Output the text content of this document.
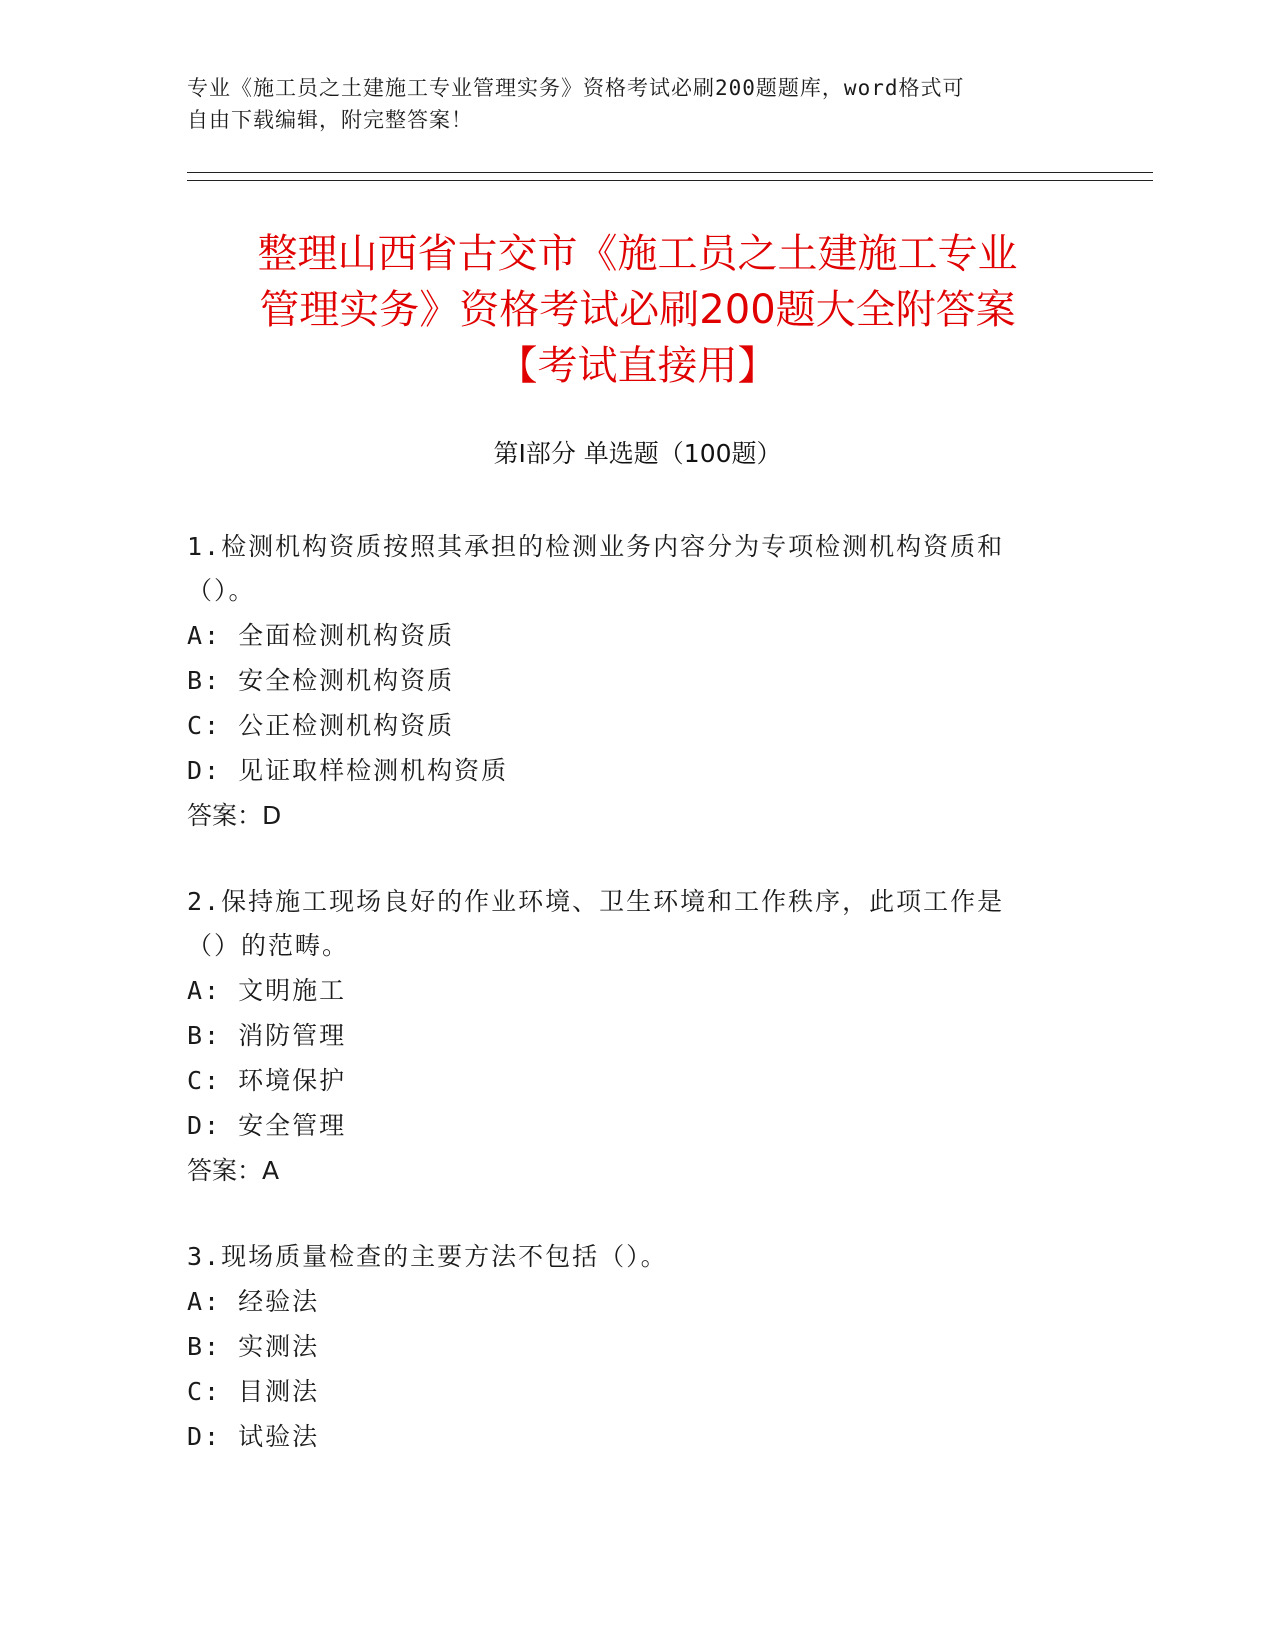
专业《施工员之土建施工专业管理实务》资格考试必刷200题题库，word格式可

自由下载编辑，附完整答案！

整理山西省古交市《施工员之土建施工专业

管理实务》资格考试必刷200题大全附答案

【考试直接用】

第Ⅰ部分 单选题（100题）

1.检测机构资质按照其承担的检测业务内容分为专项检测机构资质和

（）。

A: 全面检测机构资质

B: 安全检测机构资质

C: 公正检测机构资质

D: 见证取样检测机构资质

答案：D

2.保持施工现场良好的作业环境、卫生环境和工作秩序，此项工作是

（）的范畴。

A: 文明施工

B: 消防管理

C: 环境保护

D: 安全管理

答案：A

3.现场质量检查的主要方法不包括（）。

A: 经验法

B: 实测法

C: 目测法

D: 试验法
